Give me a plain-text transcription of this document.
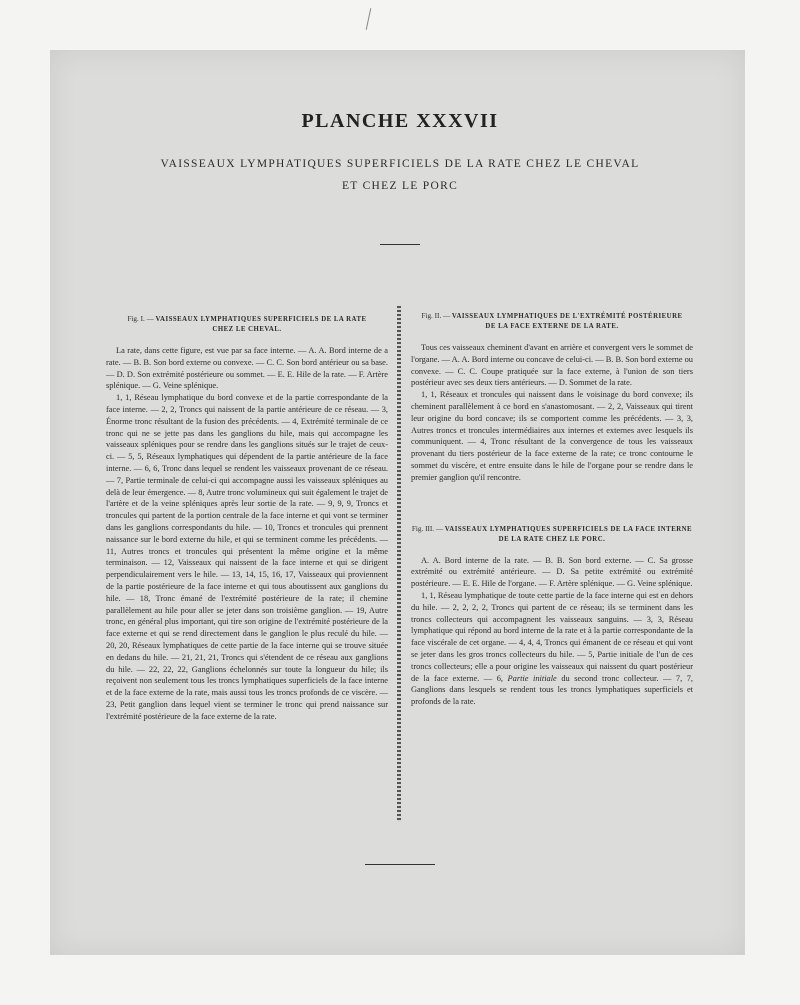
PLANCHE XXXVII
VAISSEAUX LYMPHATIQUES SUPERFICIELS DE LA RATE CHEZ LE CHEVAL
ET CHEZ LE PORC
Fig. I. — VAISSEAUX LYMPHATIQUES SUPERFICIELS DE LA RATE
CHEZ LE CHEVAL.

La rate, dans cette figure, est vue par sa face interne. — A. A. Bord interne de a rate. — B. B. Son bord externe ou convexe. — C. C. Son bord antérieur ou sa base. — D. D. Son extrémité postérieure ou sommet. — E. E. Hile de la rate. — F. Artère splénique. — G. Veine splénique.

1, 1, Réseau lymphatique du bord convexe et de la partie correspondante de la face interne. — 2, 2, Troncs qui naissent de la partie antérieure de ce réseau. — 3, Énorme tronc résultant de la fusion des précédents. — 4, Extrémité terminale de ce tronc qui ne se jette pas dans les ganglions du hile, mais qui accompagne les vaisseaux spléniques pour se rendre dans les ganglions situés sur le trajet de ceux-ci. — 5, 5, Réseaux lymphatiques qui dépendent de la partie antérieure de la face interne. — 6, 6, Tronc dans lequel se rendent les vaisseaux provenant de ce réseau. — 7, Partie terminale de celui-ci qui accompagne aussi les vaisseaux spléniques au delà de leur émergence. — 8, Autre tronc volumineux qui suit également le trajet de l'artère et de la veine spléniques après leur sortie de la rate. — 9, 9, 9, Troncs et troncules qui partent de la portion centrale de la face interne et qui vont se terminer dans les ganglions correspondants du hile. — 10, Troncs et troncules qui prennent naissance sur le bord externe du hile, et qui se terminent comme les précédents. — 11, Autres troncs et troncules qui présentent la même origine et la même terminaison. — 12, Vaisseaux qui naissent de la face interne et qui se dirigent perpendiculairement vers le hile. — 13, 14, 15, 16, 17, Vaisseaux qui proviennent de la partie postérieure de la face interne et qui tous aboutissent aux ganglions du hile. — 18, Tronc émané de l'extrémité postérieure de la rate; il chemine parallèlement au hile pour aller se jeter dans son troisième ganglion. — 19, Autre tronc, en général plus important, qui tire son origine de l'extrémité postérieure de la face externe et qui se rend directement dans le ganglion le plus reculé du hile. — 20, 20, Réseaux lymphatiques de cette partie de la face interne qui se trouve située en dedans du hile. — 21, 21, 21, Troncs qui s'étendent de ce réseau aux ganglions du hile. — 22, 22, 22, Ganglions échelonnés sur toute la longueur du hile; ils reçoivent non seulement tous les troncs lymphatiques superficiels de la face interne et de la face externe de la rate, mais aussi tous les troncs profonds de ce viscère. — 23, Petit ganglion dans lequel vient se terminer le tronc qui prend naissance sur l'extrémité postérieure de la face externe de la rate.

Fig. II. — VAISSEAUX LYMPHATIQUES DE L'EXTRÉMITÉ POSTÉRIEURE
DE LA FACE EXTERNE DE LA RATE.

Tous ces vaisseaux cheminent d'avant en arrière et convergent vers le sommet de l'organe. — A. A. Bord interne ou concave de celui-ci. — B. B. Son bord externe ou convexe. — C. C. Coupe pratiquée sur la face externe, à l'union de son tiers postérieur avec ses deux tiers antérieurs. — D. Sommet de la rate.

1, 1, Réseaux et troncules qui naissent dans le voisinage du bord convexe; ils cheminent parallèlement à ce bord en s'anastomosant. — 2, 2, Vaisseaux qui tirent leur origine du bord concave; ils se comportent comme les précédents. — 3, 3, Autres troncs et troncules intermédiaires aux internes et externes avec lesquels ils communiquent. — 4, Tronc résultant de la convergence de tous les vaisseaux provenant du tiers postérieur de la face externe de la rate; ce tronc contourne le sommet du viscère, et entre ensuite dans le hile de l'organe pour se rendre dans le premier ganglion qu'il rencontre.

Fig. III. — VAISSEAUX LYMPHATIQUES SUPERFICIELS DE LA FACE INTERNE
DE LA RATE CHEZ LE PORC.

A. A. Bord interne de la rate. — B. B. Son bord externe. — C. Sa grosse extrémité ou extrémité antérieure. — D. Sa petite extrémité ou extrémité postérieure. — E. E. Hile de l'organe. — F. Artère splénique. — G. Veine splénique.

1, 1, Réseau lymphatique de toute cette partie de la face interne qui est en dehors du hile. — 2, 2, 2, 2, Troncs qui partent de ce réseau; ils se terminent dans les troncs collecteurs qui accompagnent les vaisseaux sanguins. — 3, 3, Réseau lymphatique qui répond au bord interne de la rate et à la partie correspondante de la face viscérale de cet organe. — 4, 4, 4, Troncs qui émanent de ce réseau et qui vont se jeter dans les gros troncs collecteurs du hile. — 5, Partie initiale de l'un de ces troncs collecteurs; elle a pour origine les vaisseaux qui naissent du quart postérieur de la face externe. — 6, Partie initiale du second tronc collecteur. — 7, 7, Ganglions dans lesquels se rendent tous les troncs lymphatiques superficiels et profonds de la rate.
